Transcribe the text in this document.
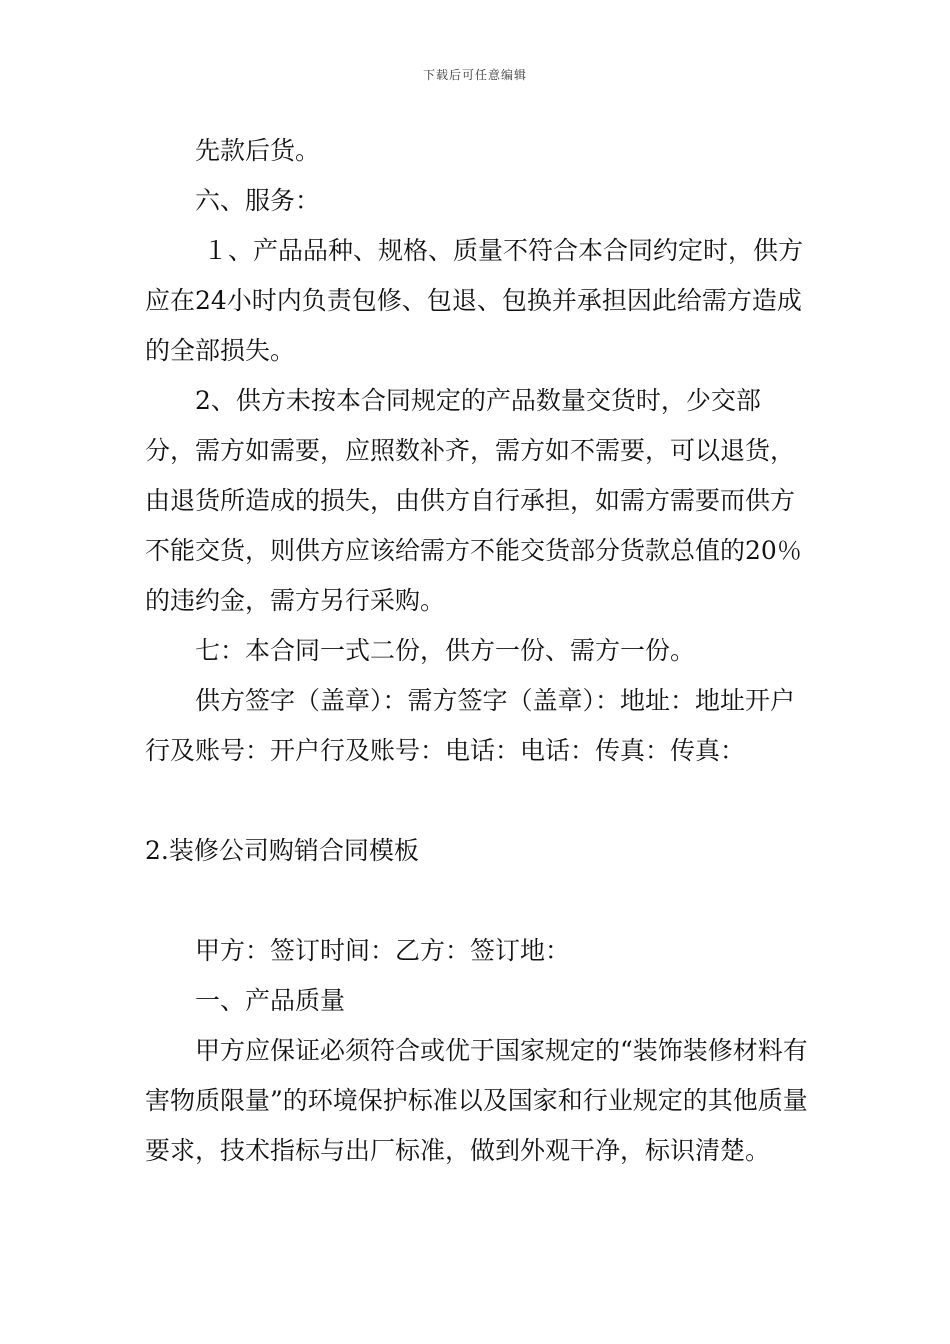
下载后可任意编辑

先款后货。

六、服务：

１、产品品种、规格、质量不符合本合同约定时，供方应在24小时内负责包修、包退、包换并承担因此给需方造成的全部损失。

2、供方未按本合同规定的产品数量交货时，少交部分，需方如需要，应照数补齐，需方如不需要，可以退货，由退货所造成的损失，由供方自行承担，如需方需要而供方不能交货，则供方应该给需方不能交货部分货款总值的20％的违约金，需方另行采购。

七：本合同一式二份，供方一份、需方一份。

供方签字（盖章）：需方签字（盖章）：地址：地址开户行及账号：开户行及账号：电话：电话：传真：传真：

2.装修公司购销合同模板

甲方：签订时间：乙方：签订地：

一、产品质量

甲方应保证必须符合或优于国家规定的“装饰装修材料有害物质限量”的环境保护标准以及国家和行业规定的其他质量要求，技术指标与出厂标准，做到外观干净，标识清楚。
